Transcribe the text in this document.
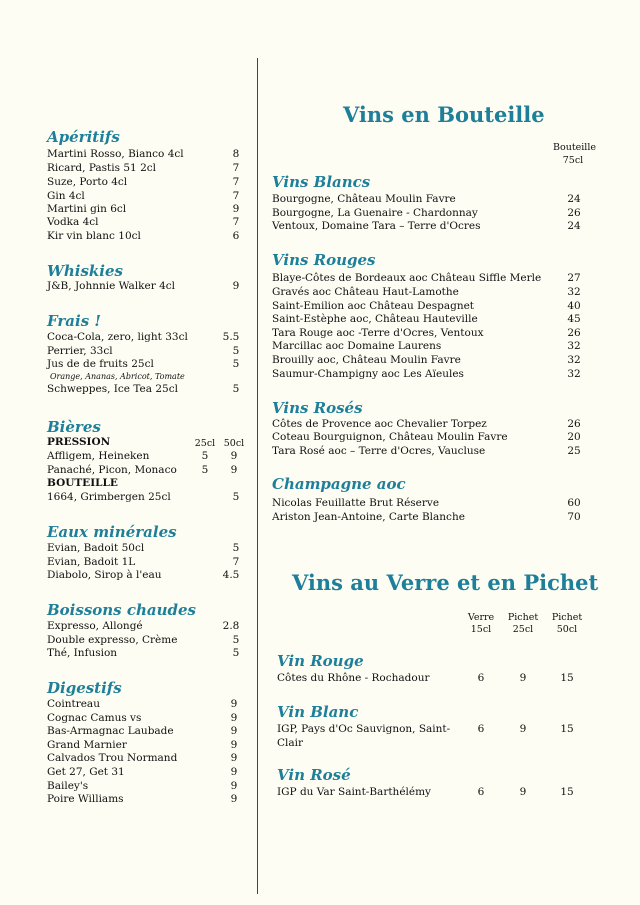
Apéritifs
Martini Rosso, Bianco 4cl	8
Ricard, Pastis 51 2cl	7
Suze, Porto 4cl	7
Gin 4cl	7
Martini gin 6cl	9
Vodka 4cl	7
Kir vin blanc 10cl	6
Whiskies
J&B, Johnnie Walker 4cl	9
Frais !
Coca-Cola, zero, light 33cl	5.5
Perrier, 33cl	5
Jus de de fruits 25cl	5
Orange, Ananas, Abricot, Tomate
Schweppes, Ice Tea 25cl	5
Bières
PRESSION	25cl 50cl
Affligem, Heineken	5	9
Panaché, Picon, Monaco	5	9
BOUTEILLE
1664, Grimbergen 25cl	5
Eaux minérales
Evian, Badoit 50cl	5
Evian, Badoit 1L	7
Diabolo, Sirop à l'eau	4.5
Boissons chaudes
Expresso, Allongé	2.8
Double expresso, Crème	5
Thé, Infusion	5
Digestifs
Cointreau	9
Cognac Camus vs	9
Bas-Armagnac Laubade	9
Grand Marnier	9
Calvados Trou Normand	9
Get 27, Get 31	9
Bailey's	9
Poire Williams	9
Vins en Bouteille
Bouteille
75cl
Vins Blancs
Bourgogne, Château Moulin Favre	24
Bourgogne, La Guenaire - Chardonnay	26
Ventoux, Domaine Tara – Terre d'Ocres	24
Vins Rouges
Blaye-Côtes de Bordeaux aoc Château Siffle Merle	27
Gravés aoc Château Haut-Lamothe	32
Saint-Emilion aoc Château Despagnet	40
Saint-Estèphe aoc, Château Hauteville	45
Tara Rouge aoc -Terre d'Ocres, Ventoux	26
Marcillac aoc Domaine Laurens	32
Brouilly aoc, Château Moulin Favre	32
Saumur-Champigny aoc Les Aïeules	32
Vins Rosés
Côtes de Provence aoc Chevalier Torpez	26
Coteau Bourguignon, Château Moulin Favre	20
Tara Rosé aoc – Terre d'Ocres, Vaucluse	25
Champagne aoc
Nicolas Feuillatte Brut Réserve	60
Ariston Jean-Antoine, Carte Blanche	70
Vins au Verre et en Pichet
Verre
15cl
Pichet
25cl
Pichet
50cl
Vin Rouge
Côtes du Rhône - Rochadour	6	9	15
Vin Blanc
IGP, Pays d'Oc Sauvignon, Saint-
Clair
6	9	15
Vin Rosé
IGP du Var Saint-Barthélémy	6	9	15
